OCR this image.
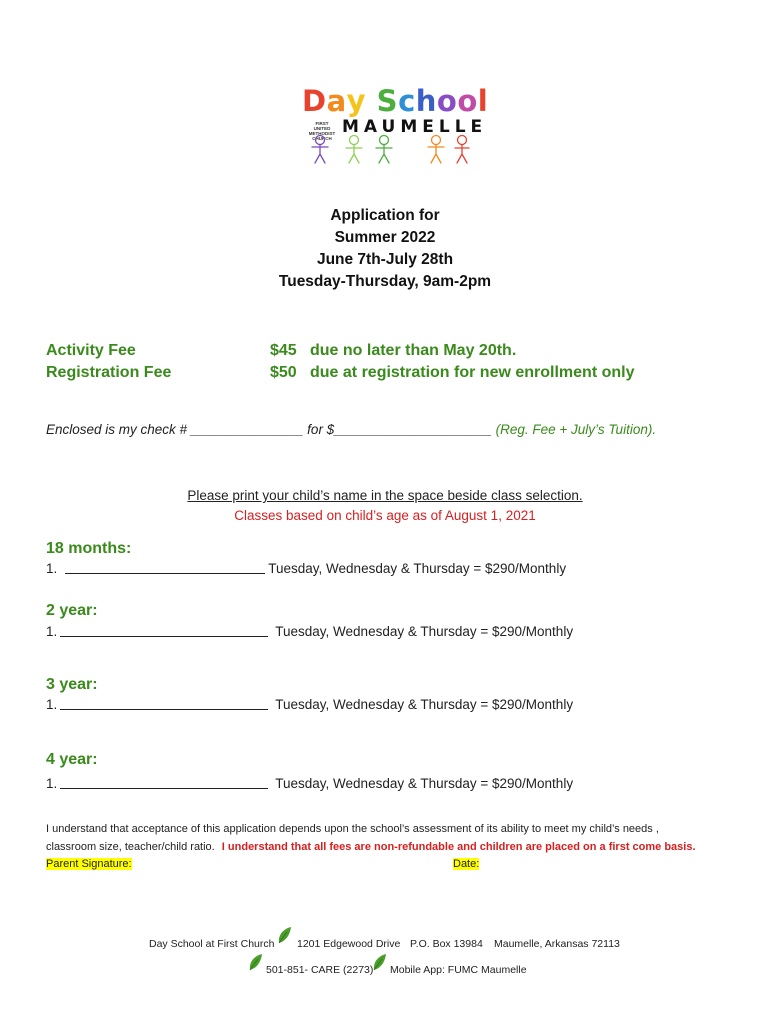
Day School
FIRST
UNITED
METHODIST
CHURCH
MAUMELLE
Application for
Summer 2022
June 7th-July 28th
Tuesday-Thursday, 9am-2pm
Activity Fee	$45 due no later than May 20th.
Registration Fee	$50 due at registration for new enrollment only
Enclosed is my check # _______________ for $_____________________ (Reg. Fee + July’s Tuition).
Please print your child’s name in the space beside class selection.
Classes based on child’s age as of August 1, 2021
18 months:
1.	Tuesday, Wednesday & Thursday = $290/Monthly
2 year:
1.	Tuesday, Wednesday & Thursday = $290/Monthly
3 year:
1.	Tuesday, Wednesday & Thursday = $290/Monthly
4 year:
1.	Tuesday, Wednesday & Thursday = $290/Monthly
I understand that acceptance of this application depends upon the school’s assessment of its ability to meet my child’s needs ,
classroom size, teacher/child ratio. I understand that all fees are non-refundable and children are placed on a first come basis.
Parent Signature:	Date:
Day School at First Church 1201 Edgewood Drive P.O. Box 13984 Maumelle, Arkansas 72113
501-851- CARE (2273) Mobile App: FUMC Maumelle
